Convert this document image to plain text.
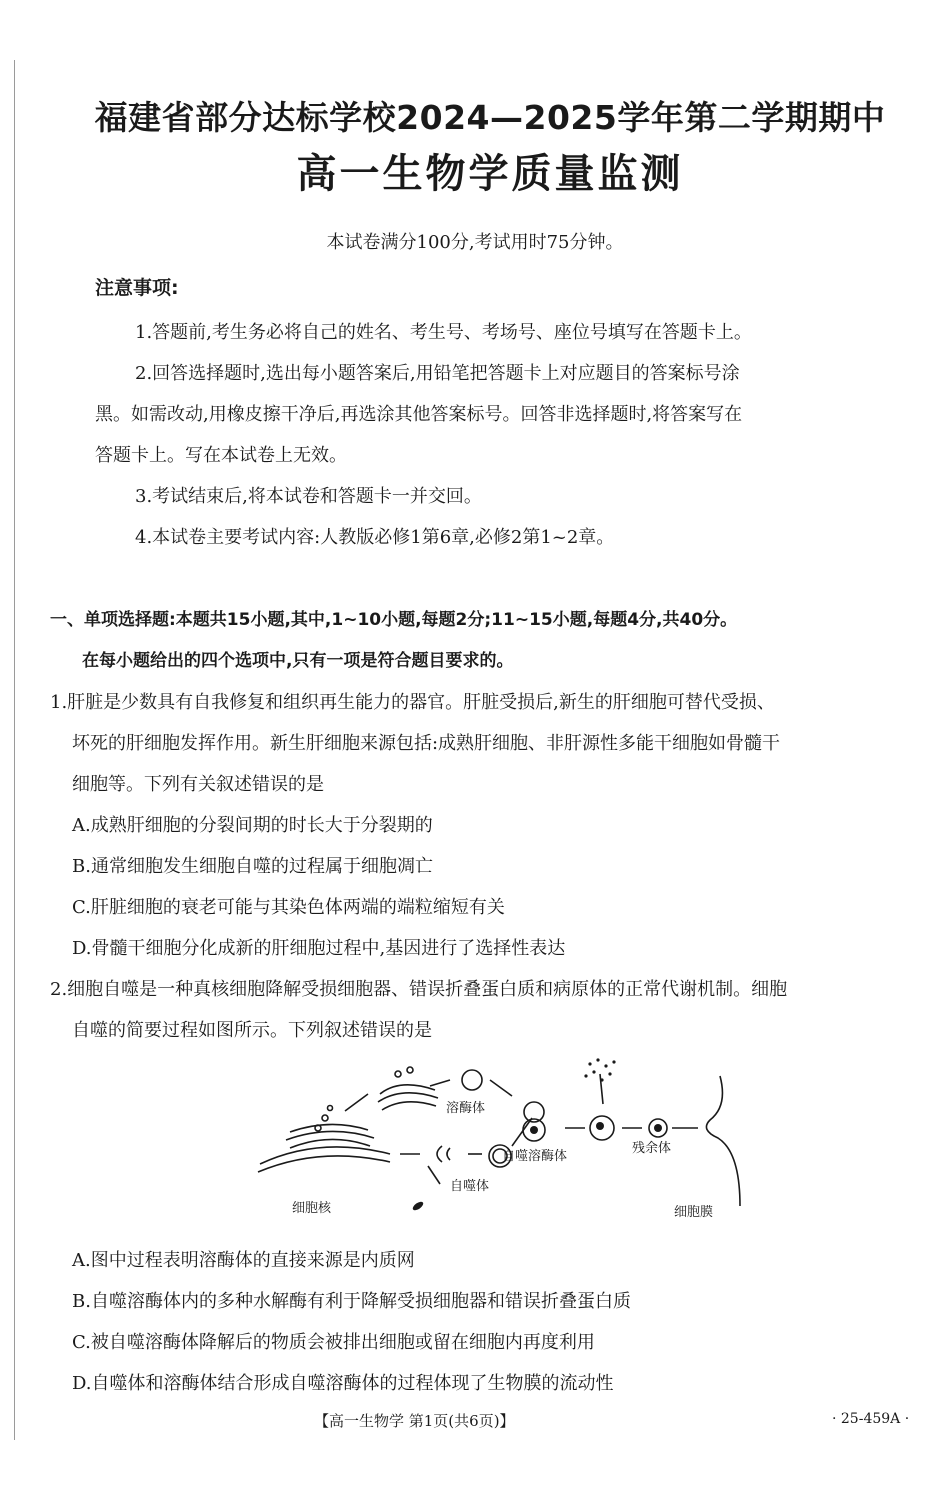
福建省部分达标学校2024—2025学年第二学期期中
高一生物学质量监测
本试卷满分100分,考试用时75分钟。
注意事项:
1.答题前,考生务必将自己的姓名、考生号、考场号、座位号填写在答题卡上。
2.回答选择题时,选出每小题答案后,用铅笔把答题卡上对应题目的答案标号涂
黑。如需改动,用橡皮擦干净后,再选涂其他答案标号。回答非选择题时,将答案写在
答题卡上。写在本试卷上无效。
3.考试结束后,将本试卷和答题卡一并交回。
4.本试卷主要考试内容:人教版必修1第6章,必修2第1~2章。
一、单项选择题:本题共15小题,其中,1~10小题,每题2分;11~15小题,每题4分,共40分。
在每小题给出的四个选项中,只有一项是符合题目要求的。
1.肝脏是少数具有自我修复和组织再生能力的器官。肝脏受损后,新生的肝细胞可替代受损、
坏死的肝细胞发挥作用。新生肝细胞来源包括:成熟肝细胞、非肝源性多能干细胞如骨髓干
细胞等。下列有关叙述错误的是
A.成熟肝细胞的分裂间期的时长大于分裂期的
B.通常细胞发生细胞自噬的过程属于细胞凋亡
C.肝脏细胞的衰老可能与其染色体两端的端粒缩短有关
D.骨髓干细胞分化成新的肝细胞过程中,基因进行了选择性表达
2.细胞自噬是一种真核细胞降解受损细胞器、错误折叠蛋白质和病原体的正常代谢机制。细胞
自噬的简要过程如图所示。下列叙述错误的是
溶酶体
自噬溶酶体
残余体
自噬体
细胞核	细胞膜
A.图中过程表明溶酶体的直接来源是内质网
B.自噬溶酶体内的多种水解酶有利于降解受损细胞器和错误折叠蛋白质
C.被自噬溶酶体降解后的物质会被排出细胞或留在细胞内再度利用
D.自噬体和溶酶体结合形成自噬溶酶体的过程体现了生物膜的流动性
【高一生物学 第1页(共6页)】	· 25-459A ·
